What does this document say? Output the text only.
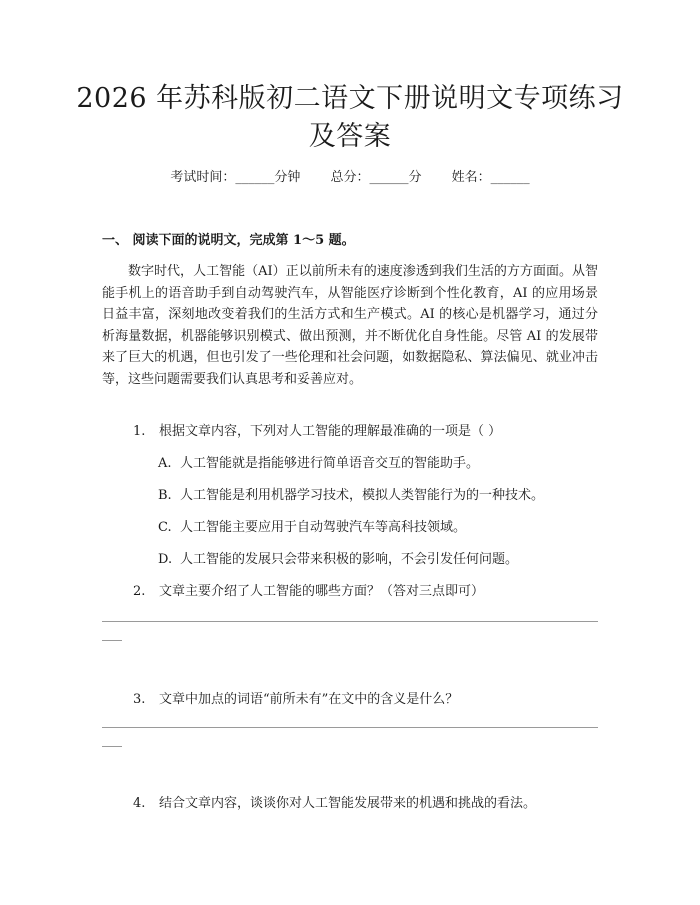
2026 年苏科版初二语文下册说明文专项练习
及答案
考试时间：______分钟 总分：______分 姓名：______
一、 阅读下面的说明文，完成第 1～5 题。
数字时代，人工智能（AI）正以前所未有的速度渗透到我们生活的方方面面。从智能手机上的语音助手到自动驾驶汽车，从智能医疗诊断到个性化教育，AI 的应用场景日益丰富，深刻地改变着我们的生活方式和生产模式。AI 的核心是机器学习，通过分析海量数据，机器能够识别模式、做出预测，并不断优化自身性能。尽管 AI 的发展带来了巨大的机遇，但也引发了一些伦理和社会问题，如数据隐私、算法偏见、就业冲击等，这些问题需要我们认真思考和妥善应对。
1. 根据文章内容，下列对人工智能的理解最准确的一项是（ ）
A. 人工智能就是指能够进行简单语音交互的智能助手。
B. 人工智能是利用机器学习技术，模拟人类智能行为的一种技术。
C. 人工智能主要应用于自动驾驶汽车等高科技领域。
D. 人工智能的发展只会带来积极的影响，不会引发任何问题。
2. 文章主要介绍了人工智能的哪些方面？（答对三点即可）
3. 文章中加点的词语“前所未有”在文中的含义是什么？
4. 结合文章内容，谈谈你对人工智能发展带来的机遇和挑战的看法。
